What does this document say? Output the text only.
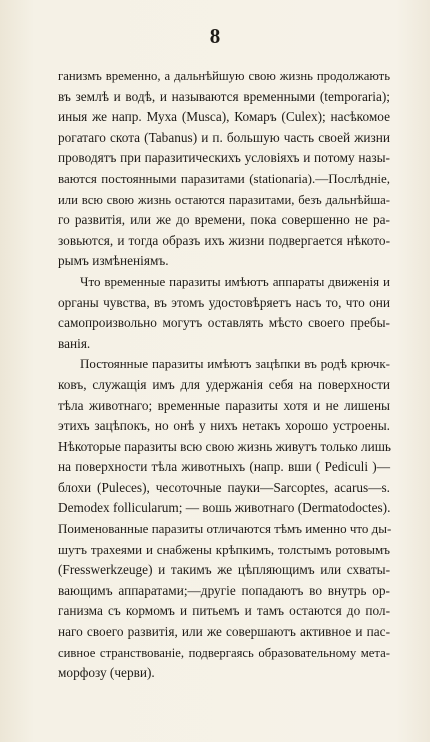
8
ганизмъ временно, а дальнѣйшую свою жизнь продолжають
въ землѣ и водѣ, и называются временными (temporaria);
иныя же напр. Муха (Musca), Комаръ (Culex); насѣкомое
рогатаго скота (Tabanus) и п. большую часть своей жизни
проводятъ при паразитическихъ условіяхъ и потому назы-
ваются постоянными паразитами (stationaria).—Послѣдніе,
или всю свою жизнь остаются паразитами, безъ дальнѣйша-
го развитія, или же до времени, пока совершенно не ра-
зовьются, и тогда образъ ихъ жизни подвергается нѣкото-
рымъ измѣненіямъ.
Что временные паразиты имѣютъ аппараты движенія и
органы чувства, въ этомъ удостовѣряетъ насъ то, что они
самопроизвольно могутъ оставлять мѣсто своего пребы-
ванія.
Постоянные паразиты имѣютъ зацѣпки въ родѣ крючк-
ковъ, служащія имъ для удержанія себя на поверхности
тѣла животнаго; временные паразиты хотя и не лишены
этихъ зацѣпокъ, но онѣ у нихъ нетакъ хорошо устроены.
Нѣкоторые паразиты всю свою жизнь живутъ только лишь
на поверхности тѣла животныхъ (напр. вши ( Pediculi )—
блохи (Pulecеs), чесоточные пауки—Sarcoptes, acarus—s.
Demodex follicularum; — вошь животнаго (Dermatodoctes).
Поименованные паразиты отличаются тѣмъ именно что ды-
шутъ трахеями и снабжены крѣпкимъ, толстымъ ротовымъ
(Fresswerkzeuge) и такимъ же цѣпляющимъ или схваты-
вающимъ аппаратами;—другіе попадаютъ во внутрь ор-
ганизма съ кормомъ и питьемъ и тамъ остаются до пол-
наго своего развитія, или же совершаютъ активное и пас-
сивное странствованіе, подвергаясь образовательному мета-
морфозу (черви).
